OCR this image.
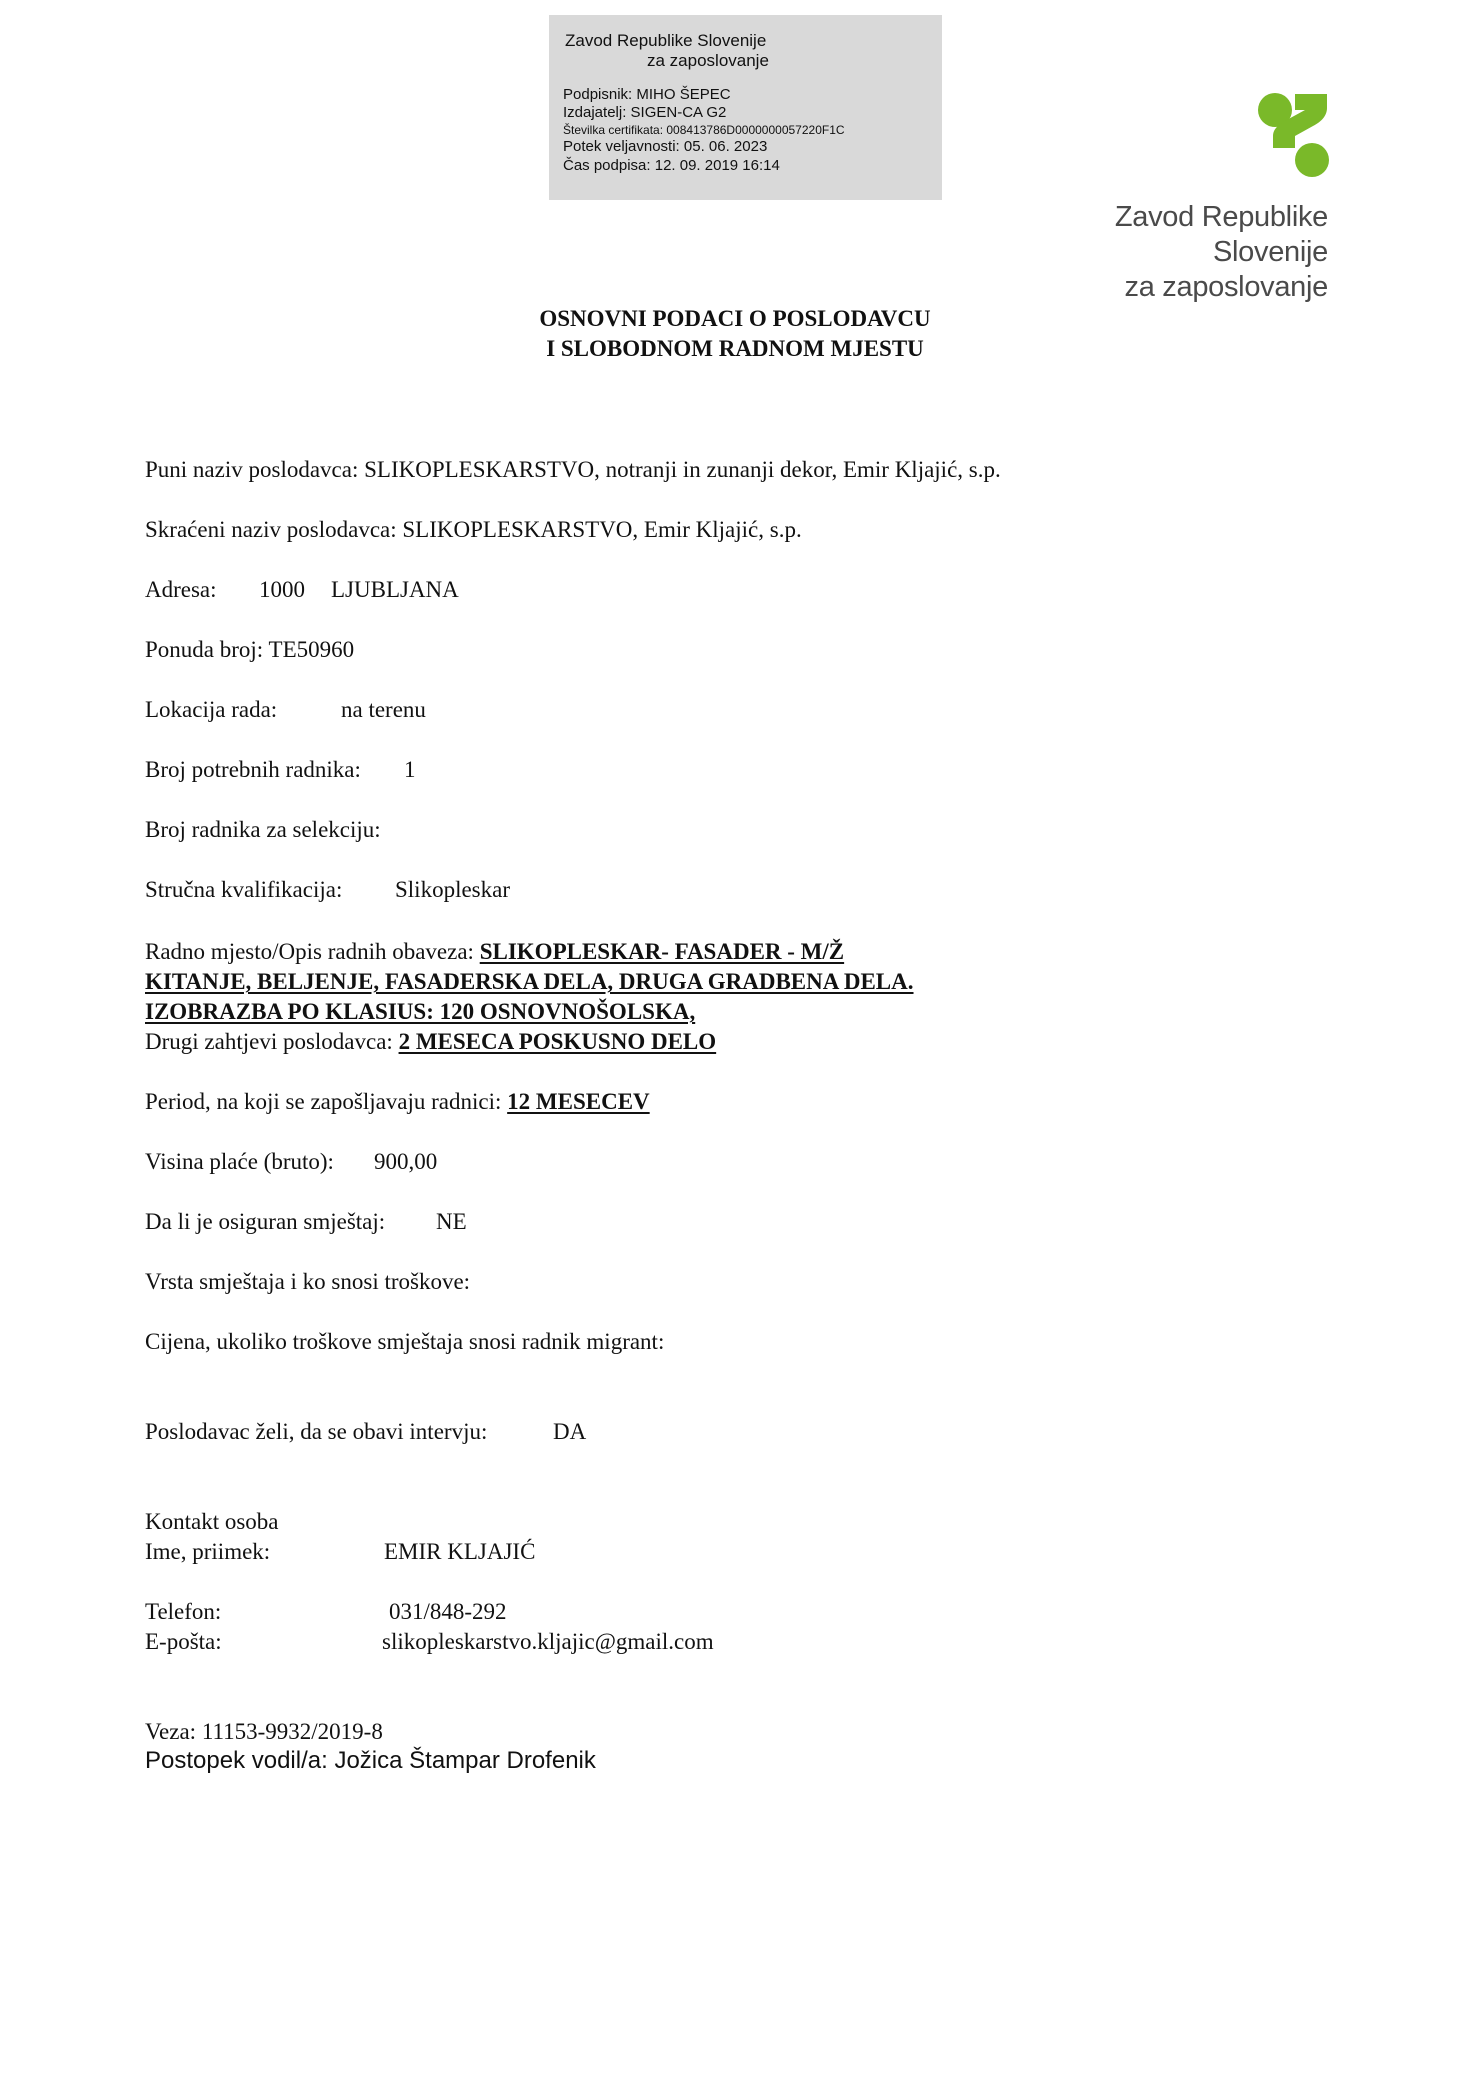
Zavod Republike Slovenije
za zaposlovanje
Podpisnik: MIHO ŠEPEC
Izdajatelj: SIGEN-CA G2
Številka certifikata: 008413786D0000000057220F1C
Potek veljavnosti: 05. 06. 2023
Čas podpisa: 12. 09. 2019 16:14
Zavod Republike Slovenije
za zaposlovanje
OSNOVNI PODACI O POSLODAVCU
I SLOBODNOM RADNOM MJESTU
Puni naziv poslodavca: SLIKOPLESKARSTVO, notranji in zunanji dekor, Emir Kljajić, s.p.
Skraćeni naziv poslodavca: SLIKOPLESKARSTVO, Emir Kljajić, s.p.
Adresa: 1000 LJUBLJANA
Ponuda broj: TE50960
Lokacija rada:	na terenu
Broj potrebnih radnika: 1
Broj radnika za selekciju:
Stručna kvalifikacija: Slikopleskar
Radno mjesto/Opis radnih obaveza: SLIKOPLESKAR- FASADER - M/Ž
KITANJE, BELJENJE, FASADERSKA DELA, DRUGA GRADBENA DELA.
IZOBRAZBA PO KLASIUS: 120 OSNOVNOŠOLSKA,
Drugi zahtjevi poslodavca: 2 MESECA POSKUSNO DELO
Period, na koji se zapošljavaju radnici: 12 MESECEV
Visina plaće (bruto): 900,00
Da li je osiguran smještaj: NE
Vrsta smještaja i ko snosi troškove:
Cijena, ukoliko troškove smještaja snosi radnik migrant:
Poslodavac želi, da se obavi intervju:	DA
Kontakt osoba
Ime, priimek:	EMIR KLJAJIĆ
Telefon:	031/848-292
E-pošta:	slikopleskarstvo.kljajic@gmail.com
Veza: 11153-9932/2019-8
Postopek vodil/a: Jožica Štampar Drofenik
